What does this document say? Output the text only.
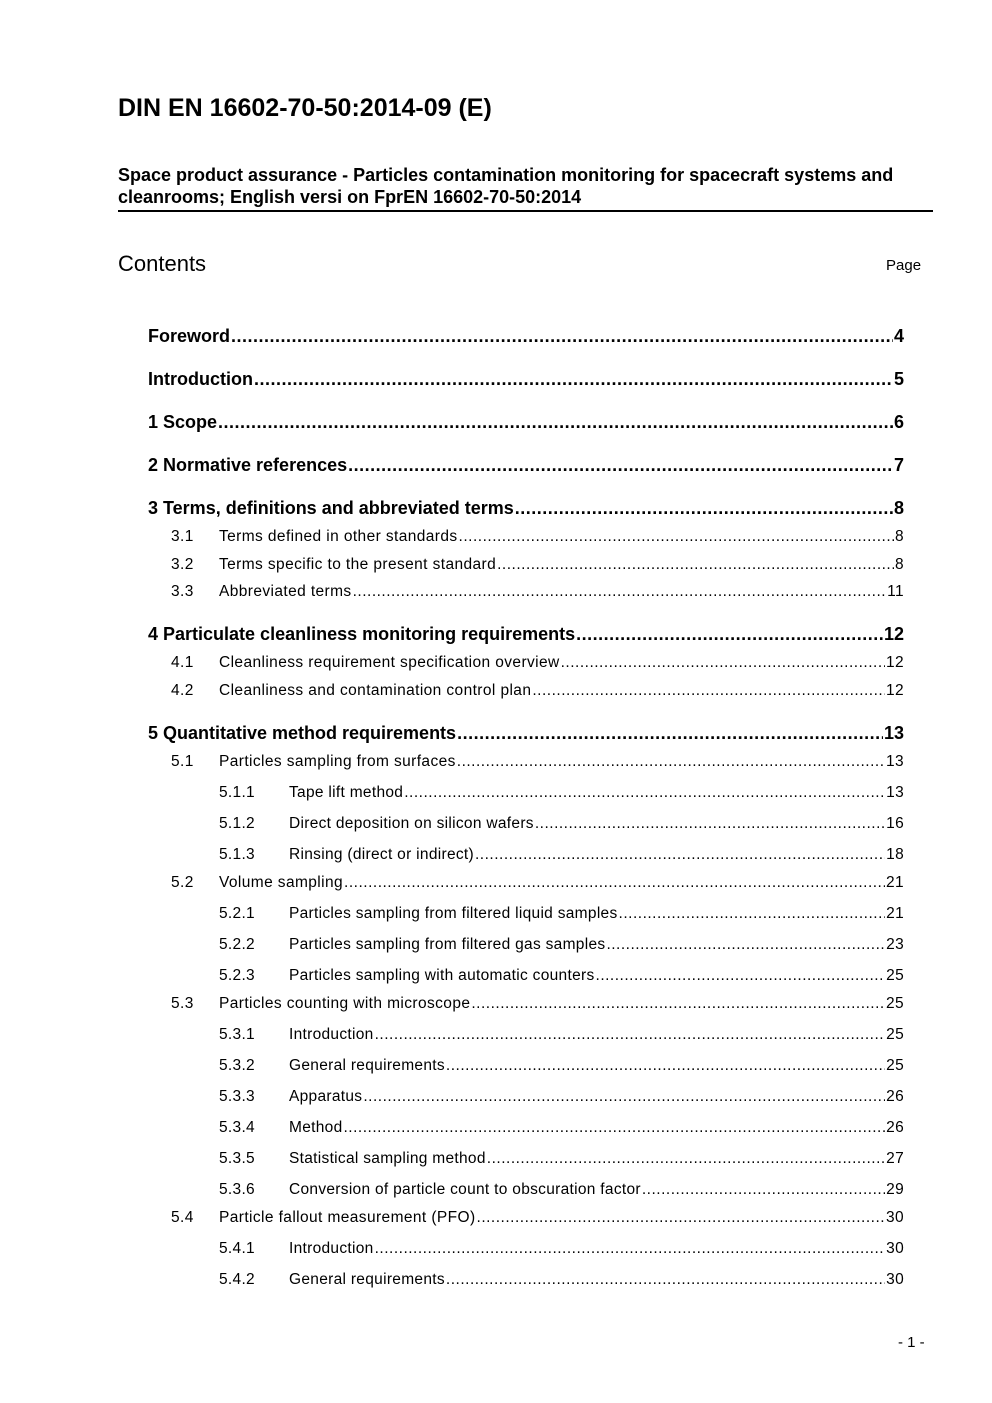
DIN EN 16602-70-50:2014-09 (E)
Space product assurance - Particles contamination monitoring for spacecraft systems and cleanrooms; English versi on FprEN 16602-70-50:2014
Contents	Page
Foreword .....	4
Introduction .....	5
1 Scope .....	6
2 Normative references .....	7
3 Terms, definitions and abbreviated terms .....	8
3.1	Terms defined in other standards .....	8
3.2	Terms specific to the present standard .....	8
3.3	Abbreviated terms .....	11
4 Particulate cleanliness monitoring requirements .....	12
4.1	Cleanliness requirement specification overview .....	12
4.2	Cleanliness and contamination control plan .....	12
5 Quantitative method requirements .....	13
5.1	Particles sampling from surfaces .....	13
5.1.1	Tape lift method .....	13
5.1.2	Direct deposition on silicon wafers .....	16
5.1.3	Rinsing (direct or indirect) .....	18
5.2	Volume sampling .....	21
5.2.1	Particles sampling from filtered liquid samples .....	21
5.2.2	Particles sampling from filtered gas samples .....	23
5.2.3	Particles sampling with automatic counters .....	25
5.3	Particles counting with microscope .....	25
5.3.1	Introduction .....	25
5.3.2	General requirements .....	25
5.3.3	Apparatus .....	26
5.3.4	Method .....	26
5.3.5	Statistical sampling method .....	27
5.3.6	Conversion of particle count to obscuration factor .....	29
5.4	Particle fallout measurement (PFO) .....	30
5.4.1	Introduction .....	30
5.4.2	General requirements .....	30
- 1 -
